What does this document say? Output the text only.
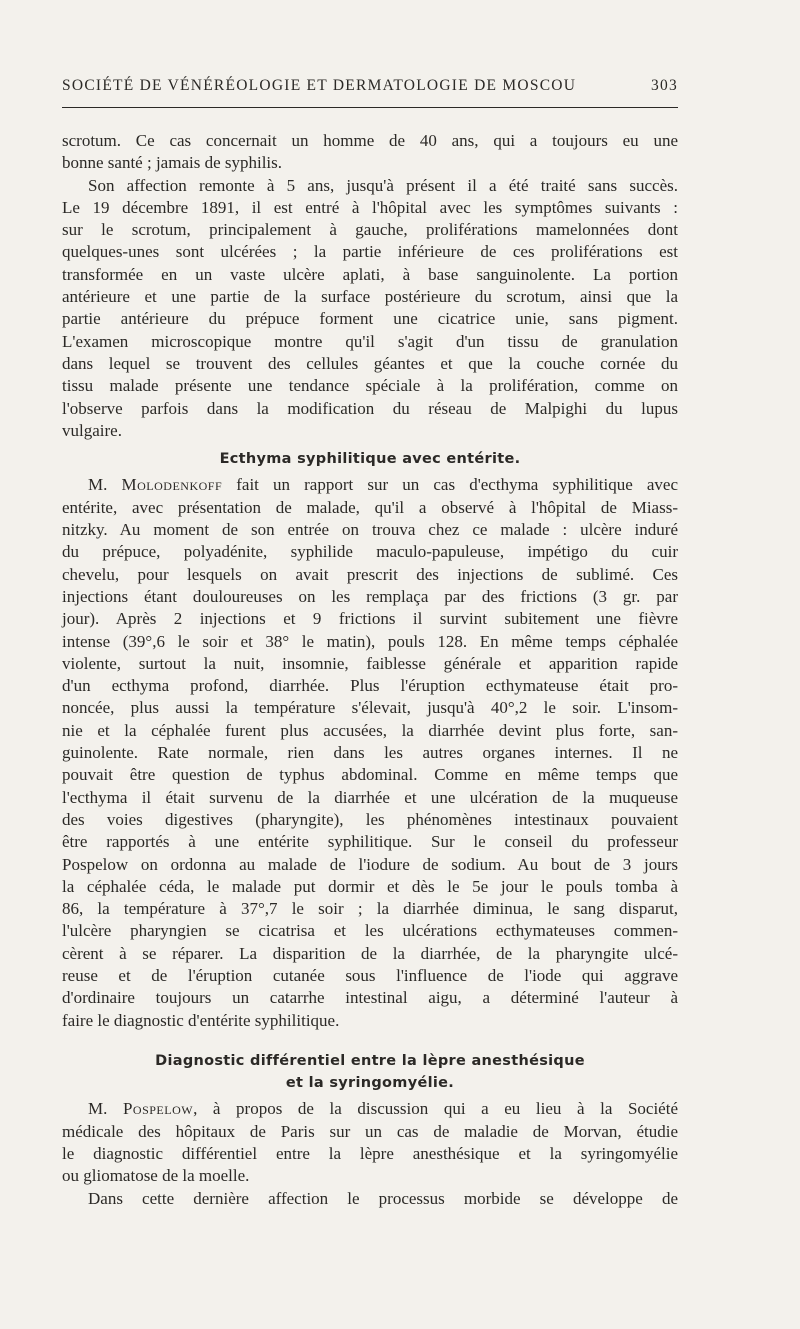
SOCIÉTÉ DE VÉNÉRÉOLOGIE ET DERMATOLOGIE DE MOSCOU	303
scrotum. Ce cas concernait un homme de 40 ans, qui a toujours eu une
bonne santé ; jamais de syphilis.
Son affection remonte à 5 ans, jusqu'à présent il a été traité sans succès.
Le 19 décembre 1891, il est entré à l'hôpital avec les symptômes suivants :
sur le scrotum, principalement à gauche, proliférations mamelonnées dont
quelques-unes sont ulcérées ; la partie inférieure de ces proliférations est
transformée en un vaste ulcère aplati, à base sanguinolente. La portion
antérieure et une partie de la surface postérieure du scrotum, ainsi que la
partie antérieure du prépuce forment une cicatrice unie, sans pigment.
L'examen microscopique montre qu'il s'agit d'un tissu de granulation
dans lequel se trouvent des cellules géantes et que la couche cornée du
tissu malade présente une tendance spéciale à la prolifération, comme on
l'observe parfois dans la modification du réseau de Malpighi du lupus
vulgaire.
Ecthyma syphilitique avec entérite.
M. Molodenkoff fait un rapport sur un cas d'ecthyma syphilitique avec
entérite, avec présentation de malade, qu'il a observé à l'hôpital de Miass-
nitzky. Au moment de son entrée on trouva chez ce malade : ulcère induré
du prépuce, polyadénite, syphilide maculo-papuleuse, impétigo du cuir
chevelu, pour lesquels on avait prescrit des injections de sublimé. Ces
injections étant douloureuses on les remplaça par des frictions (3 gr. par
jour). Après 2 injections et 9 frictions il survint subitement une fièvre
intense (39°,6 le soir et 38° le matin), pouls 128. En même temps céphalée
violente, surtout la nuit, insomnie, faiblesse générale et apparition rapide
d'un ecthyma profond, diarrhée. Plus l'éruption ecthymateuse était pro-
noncée, plus aussi la température s'élevait, jusqu'à 40°,2 le soir. L'insom-
nie et la céphalée furent plus accusées, la diarrhée devint plus forte, san-
guinolente. Rate normale, rien dans les autres organes internes. Il ne
pouvait être question de typhus abdominal. Comme en même temps que
l'ecthyma il était survenu de la diarrhée et une ulcération de la muqueuse
des voies digestives (pharyngite), les phénomènes intestinaux pouvaient
être rapportés à une entérite syphilitique. Sur le conseil du professeur
Pospelow on ordonna au malade de l'iodure de sodium. Au bout de 3 jours
la céphalée céda, le malade put dormir et dès le 5e jour le pouls tomba à
86, la température à 37°,7 le soir ; la diarrhée diminua, le sang disparut,
l'ulcère pharyngien se cicatrisa et les ulcérations ecthymateuses commen-
cèrent à se réparer. La disparition de la diarrhée, de la pharyngite ulcé-
reuse et de l'éruption cutanée sous l'influence de l'iode qui aggrave
d'ordinaire toujours un catarrhe intestinal aigu, a déterminé l'auteur à
faire le diagnostic d'entérite syphilitique.
Diagnostic différentiel entre la lèpre anesthésique
et la syringomyélie.
M. Pospelow, à propos de la discussion qui a eu lieu à la Société
médicale des hôpitaux de Paris sur un cas de maladie de Morvan, étudie
le diagnostic différentiel entre la lèpre anesthésique et la syringomyélie
ou gliomatose de la moelle.
Dans cette dernière affection le processus morbide se développe de
